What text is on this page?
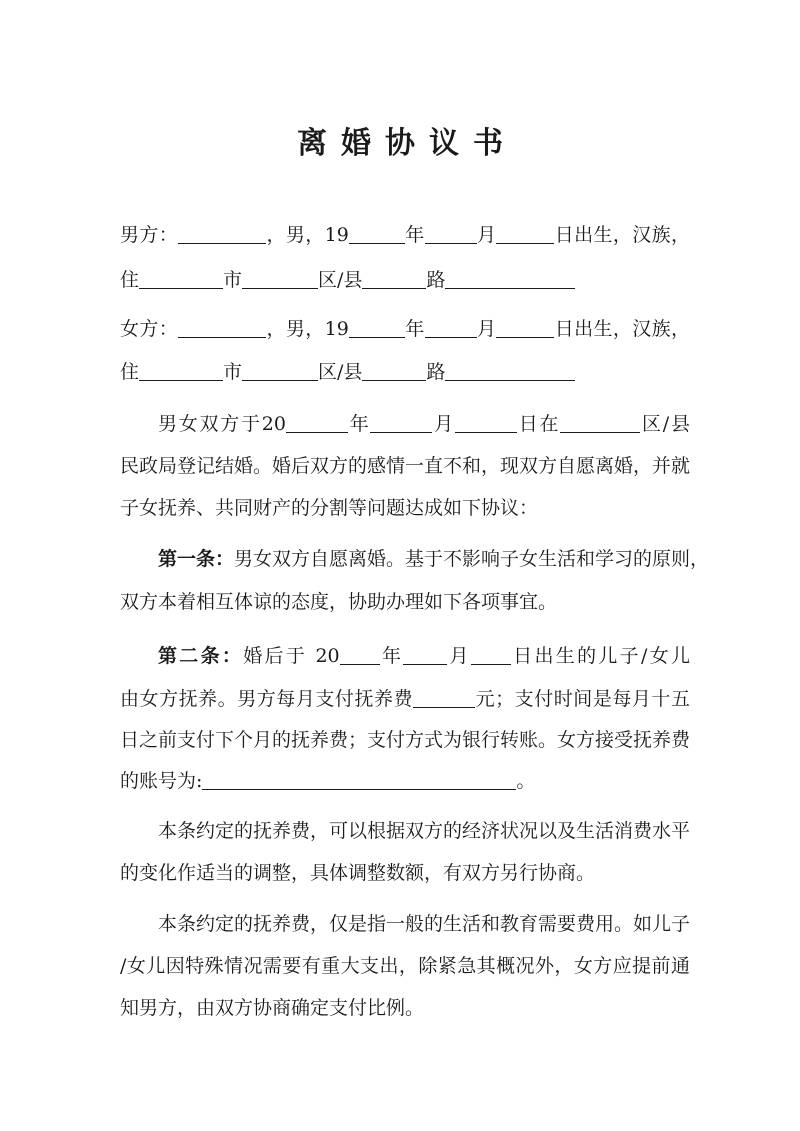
离婚协议书
男方：	，男，19	年	月	日出生，汉族，
住	市	区/县	路
女方：	，男，19	年	月	日出生，汉族，
住	市	区/县	路
男女双方于20	年	月	日在	区/县
民政局登记结婚。婚后双方的感情一直不和，现双方自愿离婚，并就
子女抚养、共同财产的分割等问题达成如下协议：
第一条：男女双方自愿离婚。基于不影响子女生活和学习的原则，
双方本着相互体谅的态度，协助办理如下各项事宜。
第二条：婚后于 20 年 月 日出生的儿子/女儿
由女方抚养。男方每月支付抚养费	元；支付时间是每月十五
日之前支付下个月的抚养费；支付方式为银行转账。女方接受抚养费
的账号为:	。
本条约定的抚养费，可以根据双方的经济状况以及生活消费水平
的变化作适当的调整，具体调整数额，有双方另行协商。
本条约定的抚养费，仅是指一般的生活和教育需要费用。如儿子
/女儿因特殊情况需要有重大支出，除紧急其概况外，女方应提前通
知男方，由双方协商确定支付比例。
